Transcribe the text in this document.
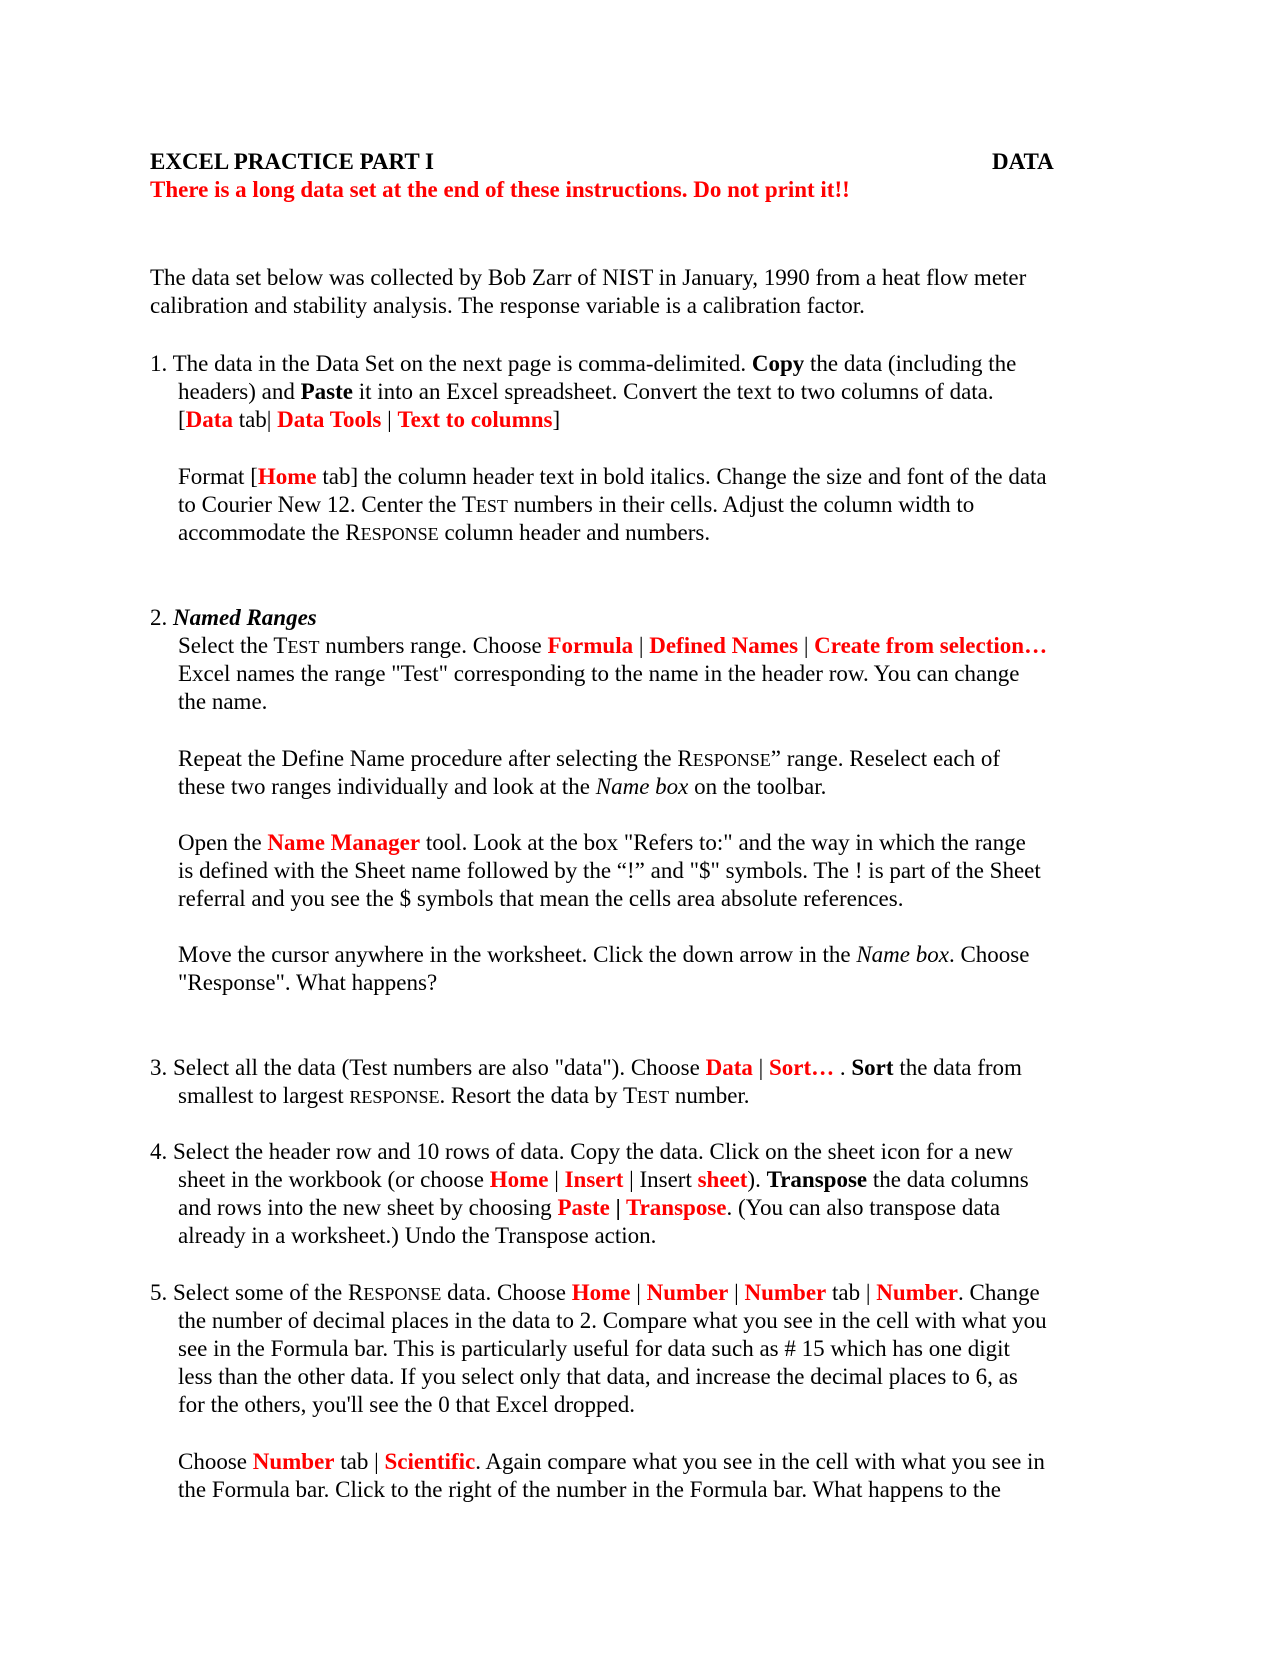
EXCEL PRACTICE PART I	DATA
There is a long data set at the end of these instructions. Do not print it!!
The data set below was collected by Bob Zarr of NIST in January, 1990 from a heat flow meter
calibration and stability analysis. The response variable is a calibration factor.
1. The data in the Data Set on the next page is comma-delimited. Copy the data (including the
headers) and Paste it into an Excel spreadsheet. Convert the text to two columns of data.
[Data tab| Data Tools | Text to columns]
Format [Home tab] the column header text in bold italics. Change the size and font of the data
to Courier New 12. Center the TEST numbers in their cells. Adjust the column width to
accommodate the RESPONSE column header and numbers.
2. Named Ranges
Select the TEST numbers range. Choose Formula | Defined Names | Create from selection…
Excel names the range "Test" corresponding to the name in the header row. You can change
the name.
Repeat the Define Name procedure after selecting the RESPONSE” range. Reselect each of
these two ranges individually and look at the Name box on the toolbar.
Open the Name Manager tool. Look at the box "Refers to:" and the way in which the range
is defined with the Sheet name followed by the “!” and "$" symbols. The ! is part of the Sheet
referral and you see the $ symbols that mean the cells area absolute references.
Move the cursor anywhere in the worksheet. Click the down arrow in the Name box. Choose
"Response". What happens?
3. Select all the data (Test numbers are also "data"). Choose Data | Sort… . Sort the data from
smallest to largest RESPONSE. Resort the data by TEST number.
4. Select the header row and 10 rows of data. Copy the data. Click on the sheet icon for a new
sheet in the workbook (or choose Home | Insert | Insert sheet). Transpose the data columns
and rows into the new sheet by choosing Paste | Transpose. (You can also transpose data
already in a worksheet.) Undo the Transpose action.
5. Select some of the RESPONSE data. Choose Home | Number | Number tab | Number. Change
the number of decimal places in the data to 2. Compare what you see in the cell with what you
see in the Formula bar. This is particularly useful for data such as # 15 which has one digit
less than the other data. If you select only that data, and increase the decimal places to 6, as
for the others, you'll see the 0 that Excel dropped.
Choose Number tab | Scientific. Again compare what you see in the cell with what you see in
the Formula bar. Click to the right of the number in the Formula bar. What happens to the
